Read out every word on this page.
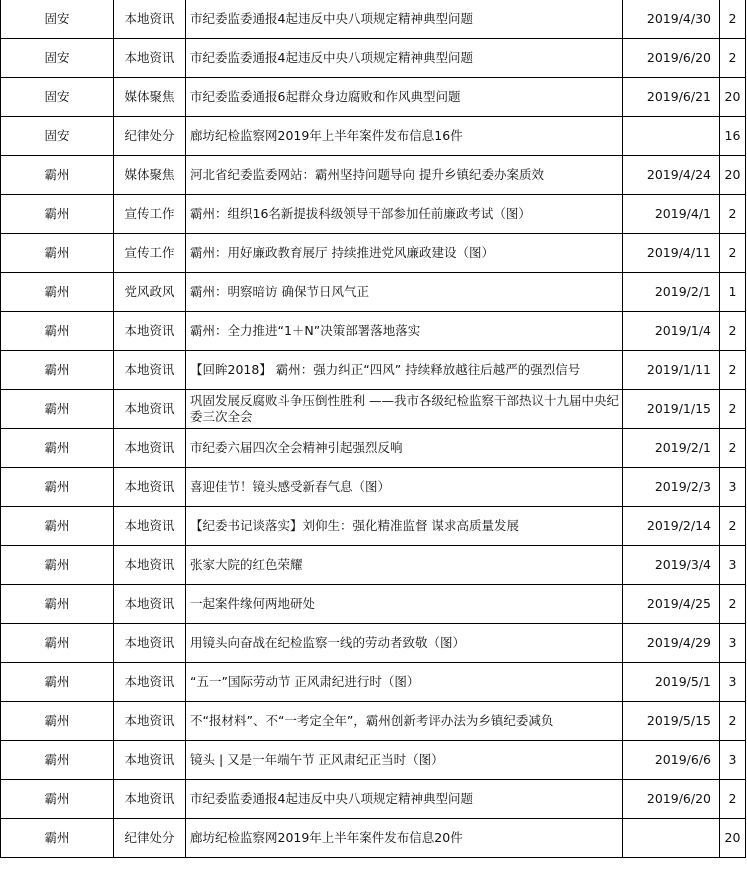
固安	本地资讯	市纪委监委通报4起违反中央八项规定精神典型问题	2019/4/30	2
固安	本地资讯	市纪委监委通报4起违反中央八项规定精神典型问题	2019/6/20	2
固安	媒体聚焦	市纪委监委通报6起群众身边腐败和作风典型问题	2019/6/21	20
固安	纪律处分	廊坊纪检监察网2019年上半年案件发布信息16件		16
霸州	媒体聚焦	河北省纪委监委网站：霸州坚持问题导向 提升乡镇纪委办案质效	2019/4/24	20
霸州	宣传工作	霸州：组织16名新提拔科级领导干部参加任前廉政考试（图）	2019/4/1	2
霸州	宣传工作	霸州：用好廉政教育展厅 持续推进党风廉政建设（图）	2019/4/11	2
霸州	党风政风	霸州：明察暗访 确保节日风气正	2019/2/1	1
霸州	本地资讯	霸州：全力推进“1＋N”决策部署落地落实	2019/1/4	2
霸州	本地资讯	【回眸2018】 霸州：强力纠正“四风” 持续释放越往后越严的强烈信号	2019/1/11	2
霸州	本地资讯	巩固发展反腐败斗争压倒性胜利 ——我市各级纪检监察干部热议十九届中央纪委三次全会	2019/1/15	2
霸州	本地资讯	市纪委六届四次全会精神引起强烈反响	2019/2/1	2
霸州	本地资讯	喜迎佳节！镜头感受新春气息（图）	2019/2/3	3
霸州	本地资讯	【纪委书记谈落实】刘仰生：强化精准监督 谋求高质量发展	2019/2/14	2
霸州	本地资讯	张家大院的红色荣耀	2019/3/4	3
霸州	本地资讯	一起案件缘何两地研处	2019/4/25	2
霸州	本地资讯	用镜头向奋战在纪检监察一线的劳动者致敬（图）	2019/4/29	3
霸州	本地资讯	“五一”国际劳动节 正风肃纪进行时（图）	2019/5/1	3
霸州	本地资讯	不“报材料”、不“一考定全年”，霸州创新考评办法为乡镇纪委减负	2019/5/15	2
霸州	本地资讯	镜头 | 又是一年端午节 正风肃纪正当时（图）	2019/6/6	3
霸州	本地资讯	市纪委监委通报4起违反中央八项规定精神典型问题	2019/6/20	2
霸州	纪律处分	廊坊纪检监察网2019年上半年案件发布信息20件		20
